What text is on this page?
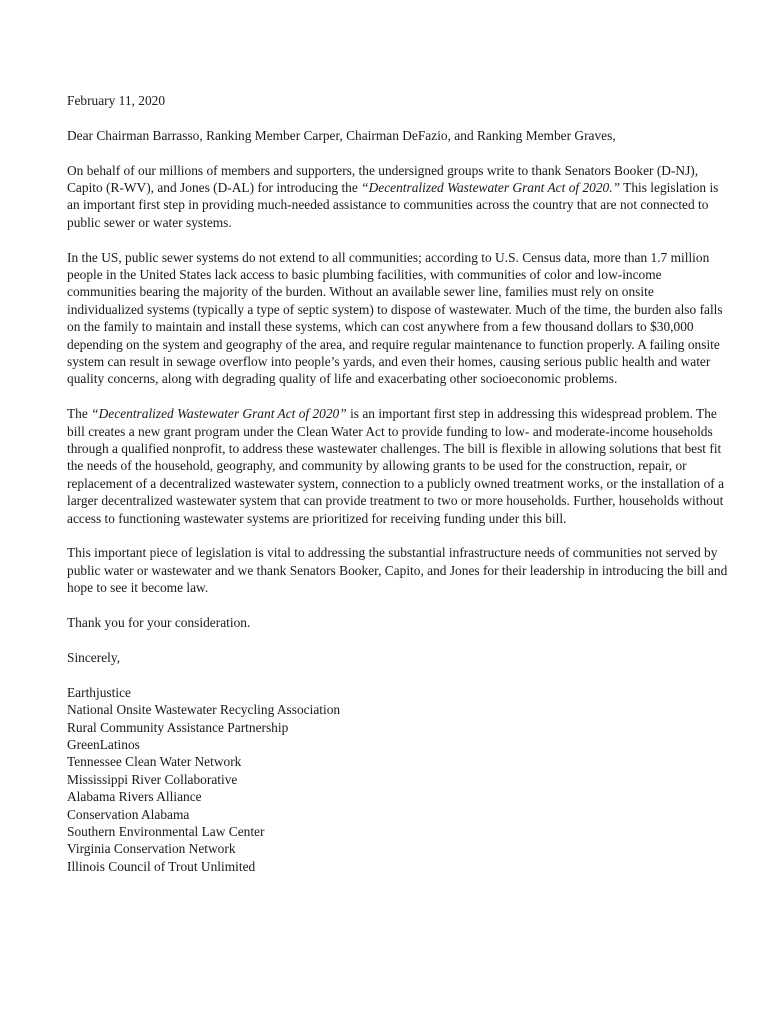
February 11, 2020

Dear Chairman Barrasso, Ranking Member Carper, Chairman DeFazio, and Ranking Member Graves,

On behalf of our millions of members and supporters, the undersigned groups write to thank Senators Booker (D-NJ), Capito (R-WV), and Jones (D-AL) for introducing the “Decentralized Wastewater Grant Act of 2020.” This legislation is an important first step in providing much-needed assistance to communities across the country that are not connected to public sewer or water systems.

In the US, public sewer systems do not extend to all communities; according to U.S. Census data, more than 1.7 million people in the United States lack access to basic plumbing facilities, with communities of color and low-income communities bearing the majority of the burden. Without an available sewer line, families must rely on onsite individualized systems (typically a type of septic system) to dispose of wastewater. Much of the time, the burden also falls on the family to maintain and install these systems, which can cost anywhere from a few thousand dollars to $30,000 depending on the system and geography of the area, and require regular maintenance to function properly. A failing onsite system can result in sewage overflow into people’s yards, and even their homes, causing serious public health and water quality concerns, along with degrading quality of life and exacerbating other socioeconomic problems.

The “Decentralized Wastewater Grant Act of 2020” is an important first step in addressing this widespread problem. The bill creates a new grant program under the Clean Water Act to provide funding to low- and moderate-income households through a qualified nonprofit, to address these wastewater challenges. The bill is flexible in allowing solutions that best fit the needs of the household, geography, and community by allowing grants to be used for the construction, repair, or replacement of a decentralized wastewater system, connection to a publicly owned treatment works, or the installation of a larger decentralized wastewater system that can provide treatment to two or more households. Further, households without access to functioning wastewater systems are prioritized for receiving funding under this bill.

This important piece of legislation is vital to addressing the substantial infrastructure needs of communities not served by public water or wastewater and we thank Senators Booker, Capito, and Jones for their leadership in introducing the bill and hope to see it become law.

Thank you for your consideration.

Sincerely,

Earthjustice
National Onsite Wastewater Recycling Association
Rural Community Assistance Partnership
GreenLatinos
Tennessee Clean Water Network
Mississippi River Collaborative
Alabama Rivers Alliance
Conservation Alabama
Southern Environmental Law Center
Virginia Conservation Network
Illinois Council of Trout Unlimited
